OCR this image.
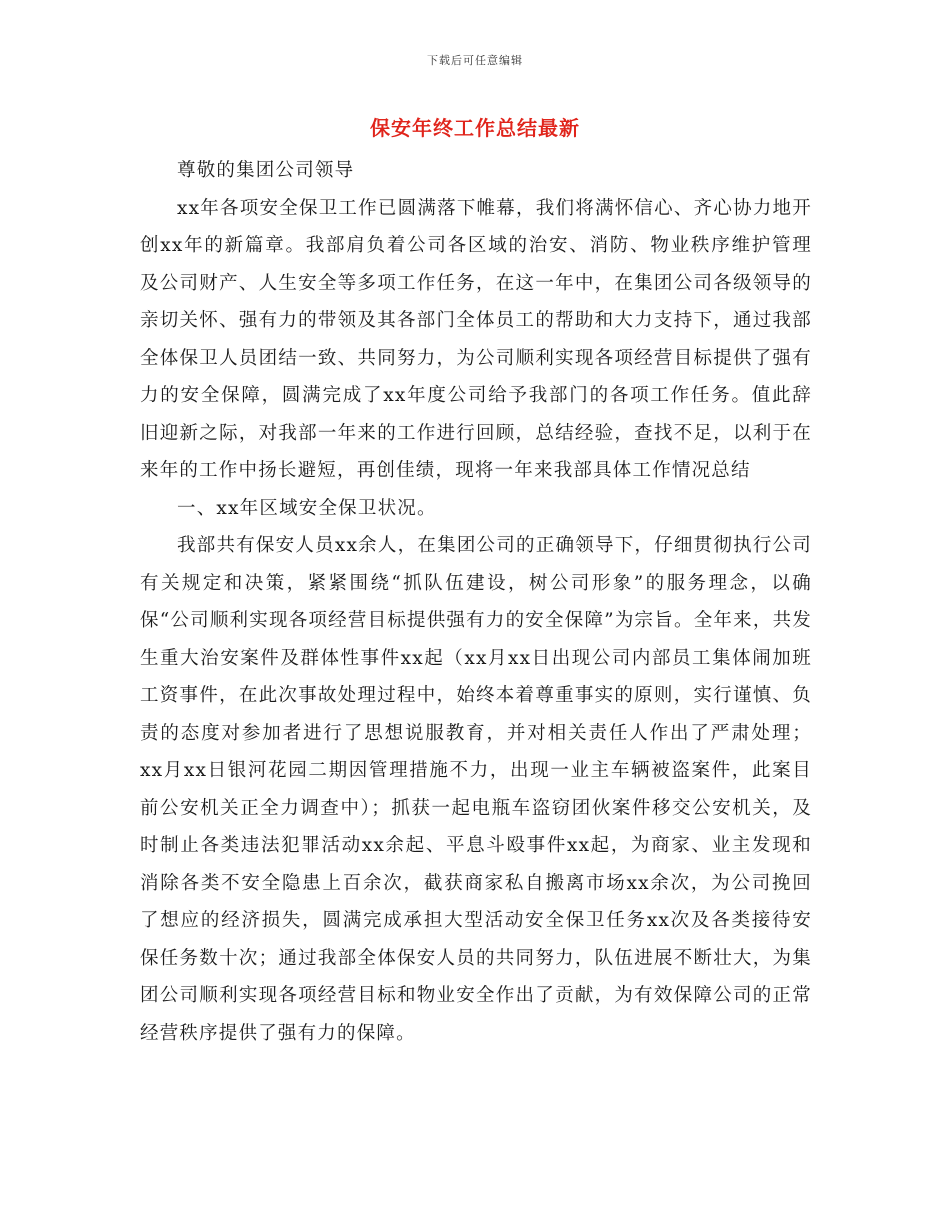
下载后可任意编辑
保安年终工作总结最新

尊敬的集团公司领导

xx年各项安全保卫工作已圆满落下帷幕，我们将满怀信心、齐心协力地开创xx年的新篇章。我部肩负着公司各区域的治安、消防、物业秩序维护管理及公司财产、人生安全等多项工作任务，在这一年中，在集团公司各级领导的亲切关怀、强有力的带领及其各部门全体员工的帮助和大力支持下，通过我部全体保卫人员团结一致、共同努力，为公司顺利实现各项经营目标提供了强有力的安全保障，圆满完成了xx年度公司给予我部门的各项工作任务。值此辞旧迎新之际，对我部一年来的工作进行回顾，总结经验，查找不足，以利于在来年的工作中扬长避短，再创佳绩，现将一年来我部具体工作情况总结

一、xx年区域安全保卫状况。

我部共有保安人员xx余人，在集团公司的正确领导下，仔细贯彻执行公司有关规定和决策，紧紧围绕“抓队伍建设，树公司形象”的服务理念，以确保“公司顺利实现各项经营目标提供强有力的安全保障”为宗旨。全年来，共发生重大治安案件及群体性事件xx起（xx月xx日出现公司内部员工集体闹加班工资事件，在此次事故处理过程中，始终本着尊重事实的原则，实行谨慎、负责的态度对参加者进行了思想说服教育，并对相关责任人作出了严肃处理；xx月xx日银河花园二期因管理措施不力，出现一业主车辆被盗案件，此案目前公安机关正全力调查中）；抓获一起电瓶车盗窃团伙案件移交公安机关，及时制止各类违法犯罪活动xx余起、平息斗殴事件xx起，为商家、业主发现和消除各类不安全隐患上百余次，截获商家私自搬离市场xx余次，为公司挽回了想应的经济损失，圆满完成承担大型活动安全保卫任务xx次及各类接待安保任务数十次；通过我部全体保安人员的共同努力，队伍进展不断壮大，为集团公司顺利实现各项经营目标和物业安全作出了贡献，为有效保障公司的正常经营秩序提供了强有力的保障。
